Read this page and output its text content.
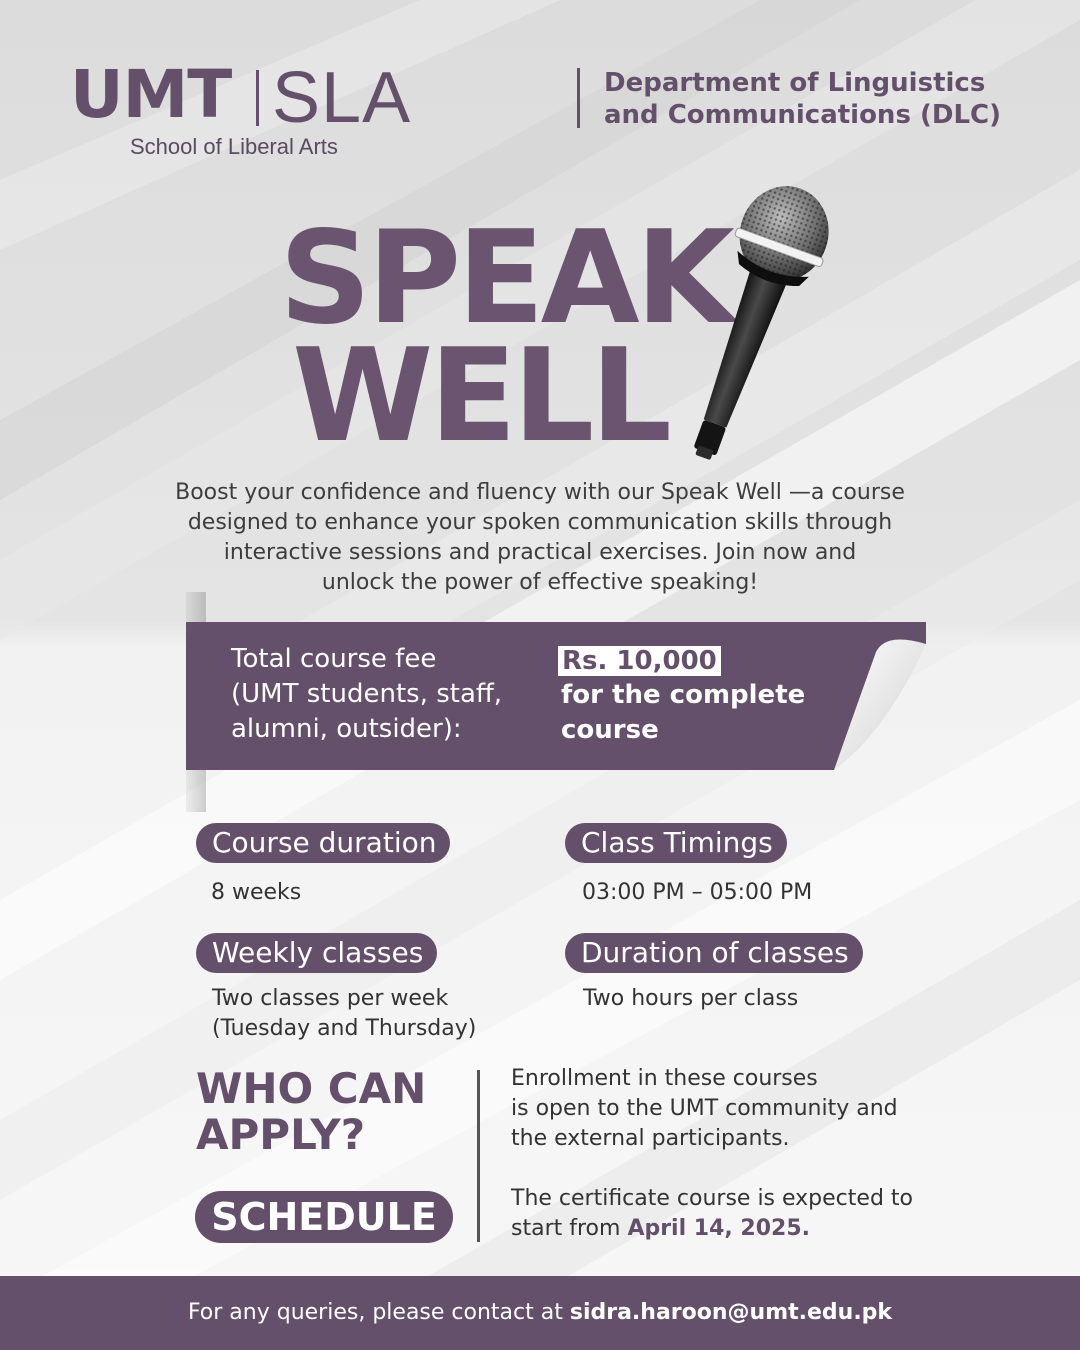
UMT SLA
School of Liberal Arts
Department of Linguistics
and Communications (DLC)
SPEAK
WELL
Boost your confidence and fluency with our Speak Well —a course
designed to enhance your spoken communication skills through
interactive sessions and practical exercises. Join now and
unlock the power of effective speaking!
Total course fee
(UMT students, staff,
alumni, outsider):
Rs. 10,000
for the complete
course
Course duration
8 weeks
Class Timings
03:00 PM – 05:00 PM
Weekly classes
Two classes per week
(Tuesday and Thursday)
Duration of classes
Two hours per class
WHO CAN
APPLY?
SCHEDULE
Enrollment in these courses
is open to the UMT community and
the external participants.
The certificate course is expected to
start from April 14, 2025.
For any queries, please contact at sidra.haroon@umt.edu.pk
